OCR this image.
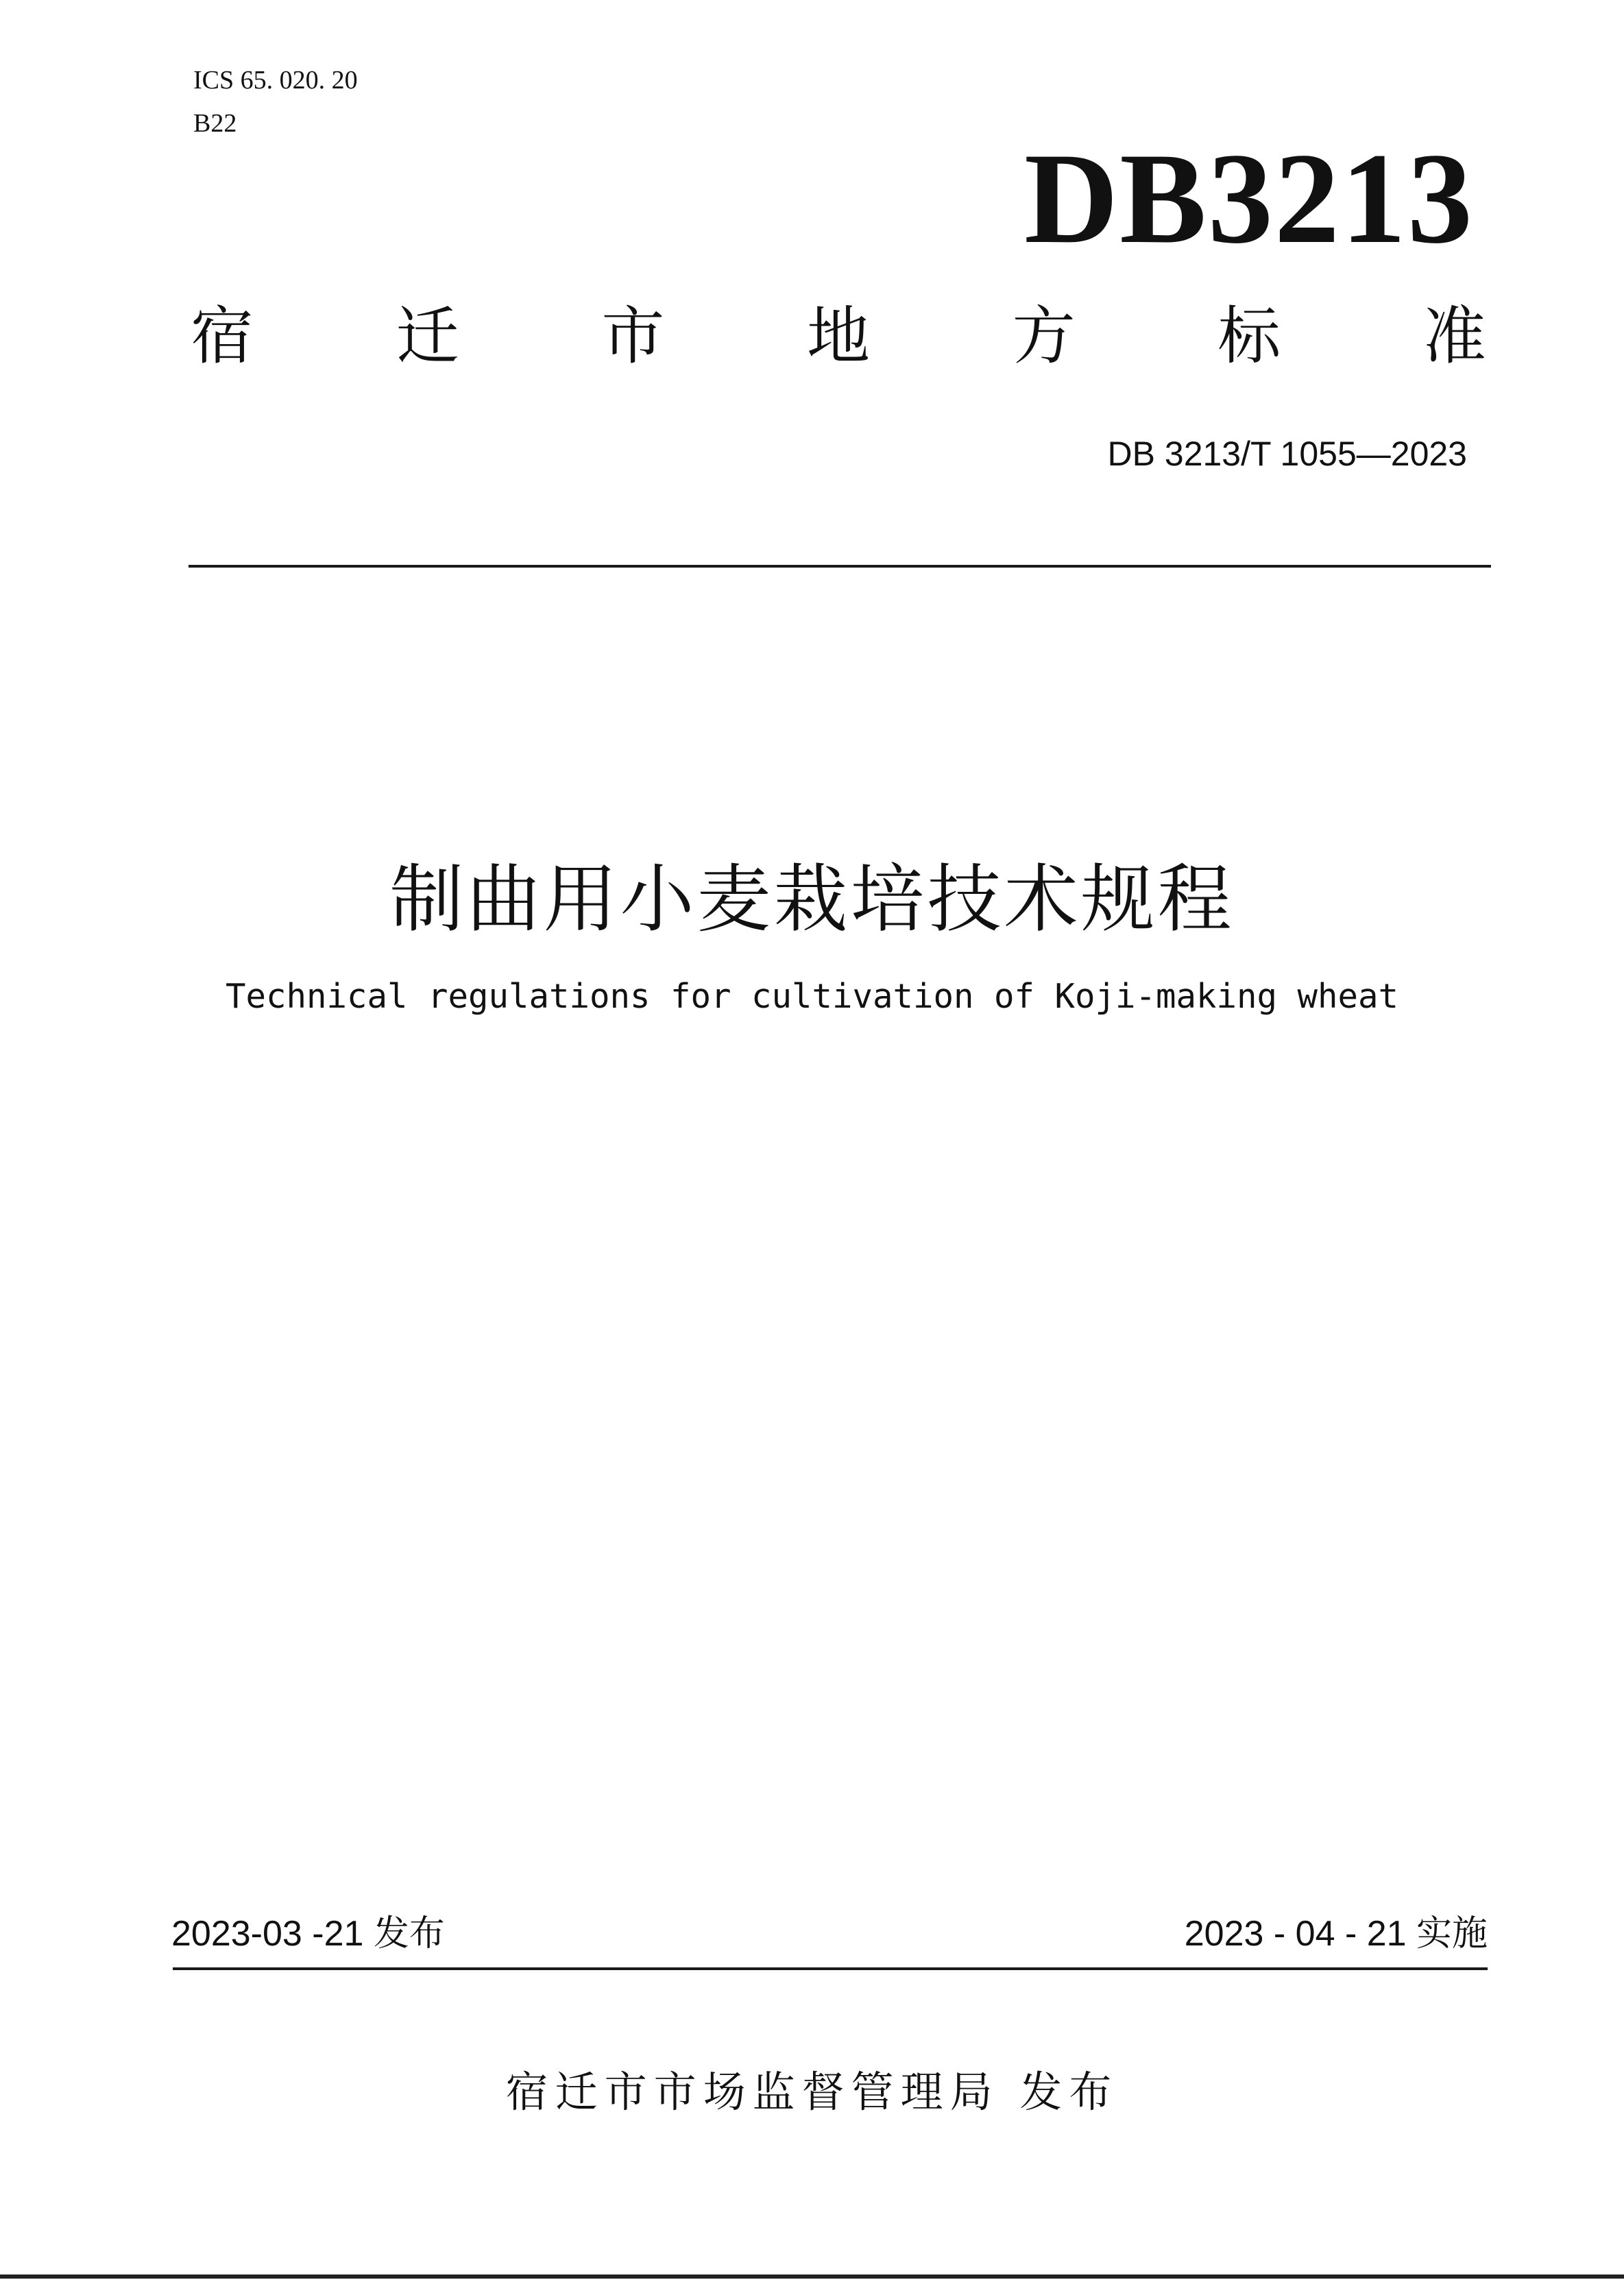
ICS 65. 020. 20
B22
DB3213
宿 迁 市 地 方 标 准
DB 3213/T 1055—2023
制曲用小麦栽培技术规程
Technical regulations for cultivation of Koji-making wheat
2023-03 -21 发布	2023 - 04 - 21 实施
宿迁市市场监督管理局 发布
